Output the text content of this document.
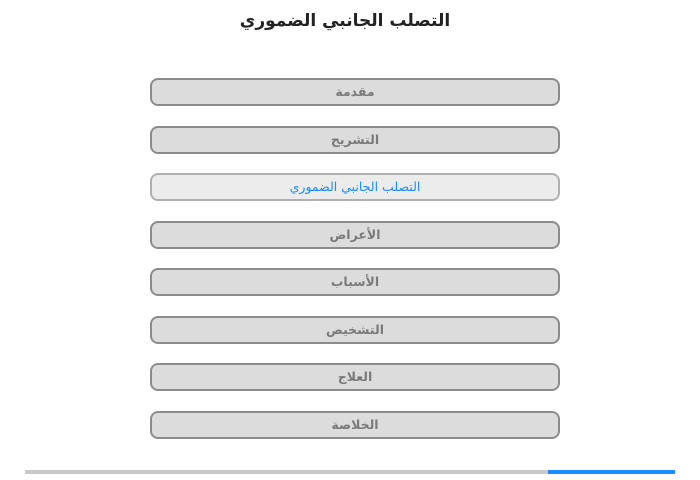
التصلب الجانبي الضموري
مقدمة
التشريح
التصلب الجانبي الضموري
الأعراض
الأسباب
التشخيص
العلاج
الخلاصة
